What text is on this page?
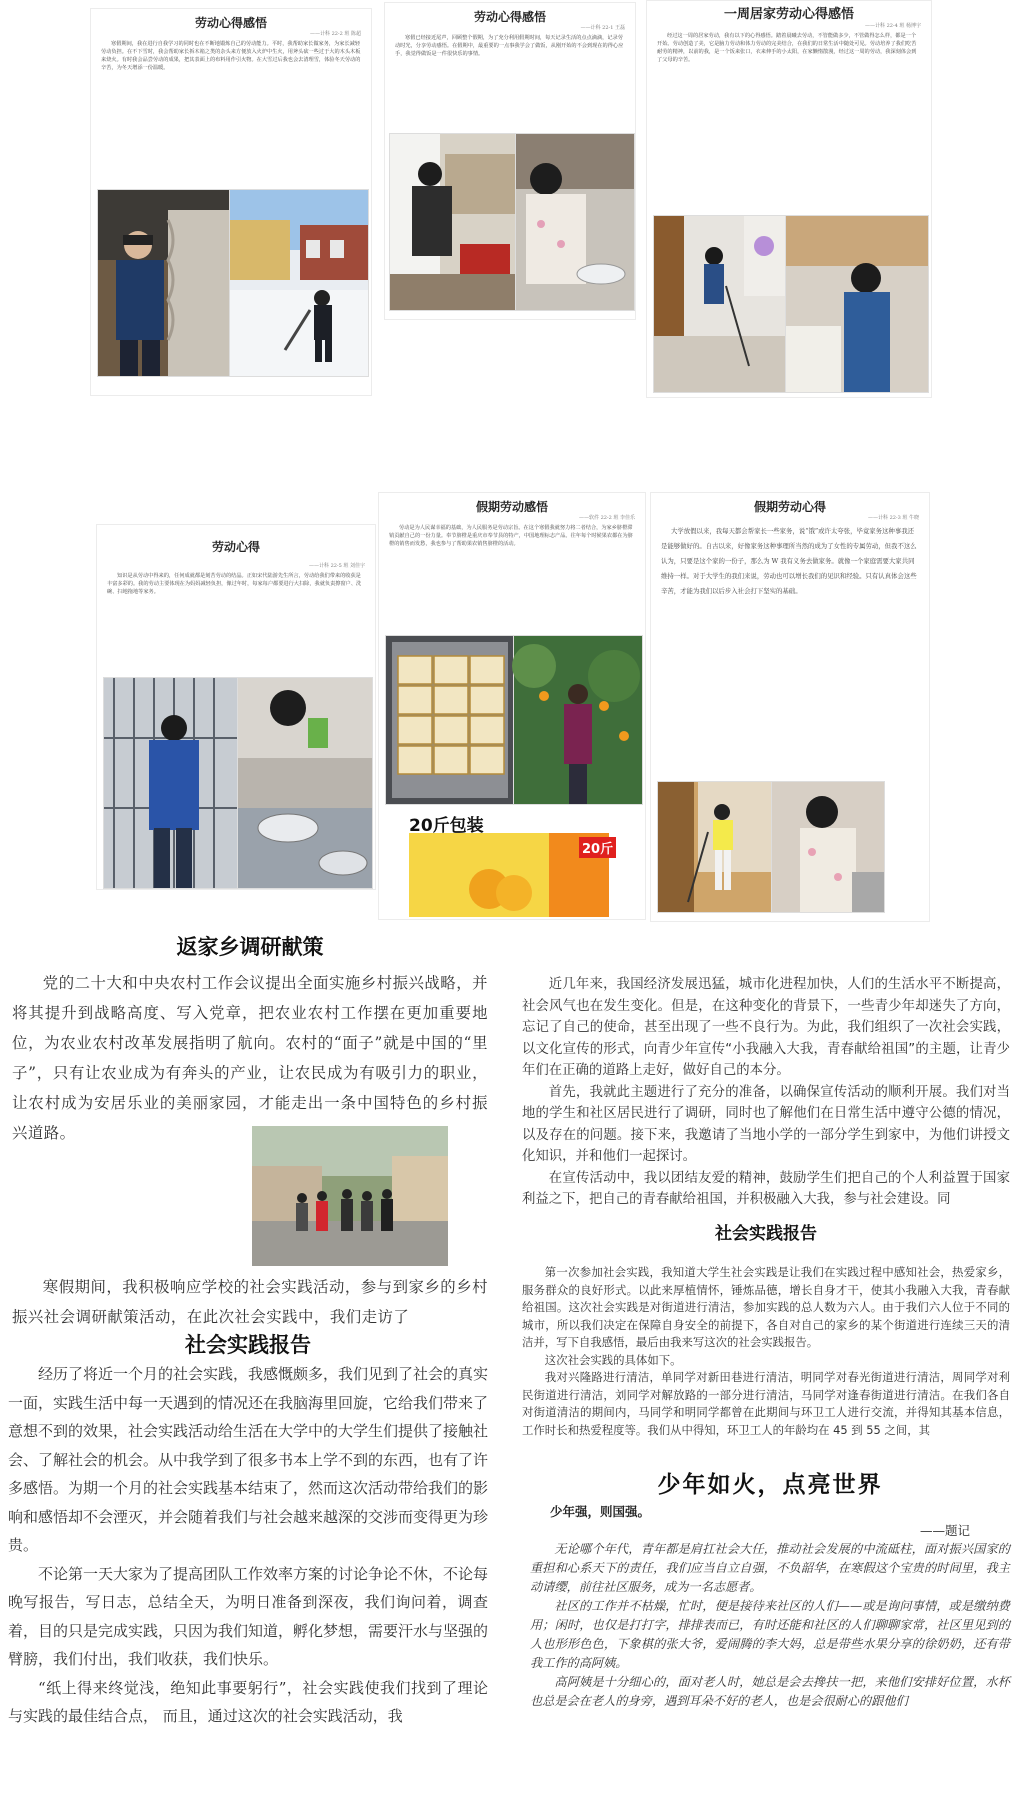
劳动心得感悟
——计科 22-2 班 陈超
寒假期间，我在进行自我学习的同时也在不断地锻炼自己的劳动能力。平时，我帮助家长做家务，为家长减轻劳动负担。在不下雪时，我会帮助家长拆木箱之类的杂头来方便放入火炉中生火，用斧头砍一些过于大的木头木板来烧火。有时我会品尝劳动的成果，把其表面上的布料用作引火物。在大雪过后我也会去清理雪，体验冬天劳动的辛苦，为冬天增添一份温暖。
劳动心得感悟
——计科 22-1 王磊
寒假已经接近尾声，回顾整个假期，为了充分利用假期时间，每天记录生活的点点滴滴，记录劳动时光，分享劳动感悟。在假期中，最重要的一点事我学会了做饭，从刚开始的不会到现在的得心应手，我觉得做饭是一件很快乐的事情。
一周居家劳动心得感悟
——计科 22-4 班 杨博宇
经过这一周的居家劳动，我有以下的心得感悟。踏着晨曦去劳动，不管能做多少，不管做得怎么样，都是一个开始。劳动创造了美，它是脑力劳动和体力劳动的完美结合，在我们的日常生活中随处可见。劳动培养了我们吃苦耐劳的精神，以前的我，是一个饭来张口，衣来伸手的小太阳，在家懒惰散漫，经过这一周的劳动，我深刻体会到了父母的辛苦。
劳动心得
——计科 22-5 班 刘佳宇
知识是从劳动中得来的，任何成就都是刻苦劳动的结晶。正如宋代陆游先生所言，劳动给我们带来的收获是丰富多彩的。我的劳动主要体现在为妈妈减轻负担，像过年时，每家每户都要进行大扫除，我就负责擦窗户、洗碗、扫地拖地等家务。
假期劳动感悟
——软件 22-2 班 李佳乐
劳动是为人民谋幸福的基础，为人民服务是劳动宗旨。在这个寒假我就努力将二者结合，为家乡脐橙滞销贡献自己的一份力量。奉节脐橙是重庆市奉节县的特产，中国地理标志产品。往年每个时候果农都在为脐橙的销售而发愁，我也参与了帮助果农销售脐橙的活动。
20斤包装
20斤
假期劳动心得
——计科 22-3 班 牛晓
大学放假以来，我每天都会帮家长一些家务，说“饿”或许太夸张，毕竟家务这种事我还是能够做好的。自古以来，好像家务这种事理所当然的成为了女性的专属劳动，但我不这么认为，只要是这个家的一份子，那么为 W 我有义务去做家务。就像一个家庭需要大家共同维持一样。对于大学生的我们来说，劳动也可以增长我们的见识和经验。只有认真体会这些辛苦，才能为我们以后步入社会打下坚实的基础。
返家乡调研献策
党的二十大和中央农村工作会议提出全面实施乡村振兴战略，并将其提升到战略高度、写入党章，把农业农村工作摆在更加重要地位，为农业农村改革发展指明了航向。农村的“面子”就是中国的“里子”，只有让农业成为有奔头的产业，让农民成为有吸引力的职业，让农村成为安居乐业的美丽家园，才能走出一条中国特色的乡村振兴道路。
寒假期间，我积极响应学校的社会实践活动，参与到家乡的乡村振兴社会调研献策活动，在此次社会实践中，我们走访了
近几年来，我国经济发展迅猛，城市化进程加快，人们的生活水平不断提高，社会风气也在发生变化。但是，在这种变化的背景下，一些青少年却迷失了方向，忘记了自己的使命，甚至出现了一些不良行为。为此，我们组织了一次社会实践，以文化宣传的形式，向青少年宣传“小我融入大我，青春献给祖国”的主题，让青少年们在正确的道路上走好，做好自己的本分。
首先，我就此主题进行了充分的准备，以确保宣传活动的顺利开展。我们对当地的学生和社区居民进行了调研，同时也了解他们在日常生活中遵守公德的情况，以及存在的问题。接下来，我邀请了当地小学的一部分学生到家中，为他们讲授文化知识，并和他们一起探讨。
在宣传活动中，我以团结友爱的精神，鼓励学生们把自己的个人利益置于国家利益之下，把自己的青春献给祖国，并积极融入大我，参与社会建设。同
社会实践报告
第一次参加社会实践，我知道大学生社会实践是让我们在实践过程中感知社会，热爱家乡，服务群众的良好形式。以此来厚植情怀，锤炼品德，增长自身才干，使其小我融入大我，青春献给祖国。这次社会实践是对街道进行清洁，参加实践的总人数为六人。由于我们六人位于不同的城市，所以我们决定在保障自身安全的前提下，各自对自己的家乡的某个街道进行连续三天的清洁并，写下自我感悟，最后由我来写这次的社会实践报告。
这次社会实践的具体如下。
我对兴隆路进行清洁，单同学对新田巷进行清洁，明同学对春光街道进行清洁，周同学对利民街道进行清洁，刘同学对解放路的一部分进行清洁，马同学对逢春街道进行清洁。在我们各自对街道清洁的期间内，马同学和明同学都曾在此期间与环卫工人进行交流，并得知其基本信息，工作时长和热爱程度等。我们从中得知，环卫工人的年龄均在 45 到 55 之间，其
社会实践报告
经历了将近一个月的社会实践，我感慨颇多，我们见到了社会的真实一面，实践生活中每一天遇到的情况还在我脑海里回旋，它给我们带来了意想不到的效果，社会实践活动给生活在大学中的大学生们提供了接触社会、了解社会的机会。从中我学到了很多书本上学不到的东西，也有了许多感悟。为期一个月的社会实践基本结束了，然而这次活动带给我们的影响和感悟却不会湮灭，并会随着我们与社会越来越深的交涉而变得更为珍贵。
不论第一天大家为了提高团队工作效率方案的讨论争论不休，不论每晚写报告，写日志，总结全天，为明日准备到深夜，我们询问着，调查着，目的只是完成实践，只因为我们知道，孵化梦想，需要汗水与坚强的臂膀，我们付出，我们收获，我们快乐。
“纸上得来终觉浅，绝知此事要躬行”，社会实践使我们找到了理论与实践的最佳结合点， 而且，通过这次的社会实践活动，我
少年如火，点亮世界
少年强，则国强。
——题记
无论哪个年代，青年都是肩扛社会大任，推动社会发展的中流砥柱，面对振兴国家的重担和心系天下的责任，我们应当自立自强，不负韶华，在寒假这个宝贵的时间里，我主动请缨，前往社区服务，成为一名志愿者。
社区的工作并不枯燥，忙时，便是接待来社区的人们——或是询问事情，或是缴纳费用；闲时，也仅是打打字，排排表而已，有时还能和社区的人们聊聊家常，社区里见到的人也形形色色，下象棋的张大爷，爱闹腾的李大妈，总是带些水果分享的徐奶奶，还有带我工作的高阿姨。
高阿姨是十分细心的，面对老人时，她总是会去搀扶一把，来他们安排好位置，水杯也总是会在老人的身旁，遇到耳朵不好的老人，也是会很耐心的跟他们
